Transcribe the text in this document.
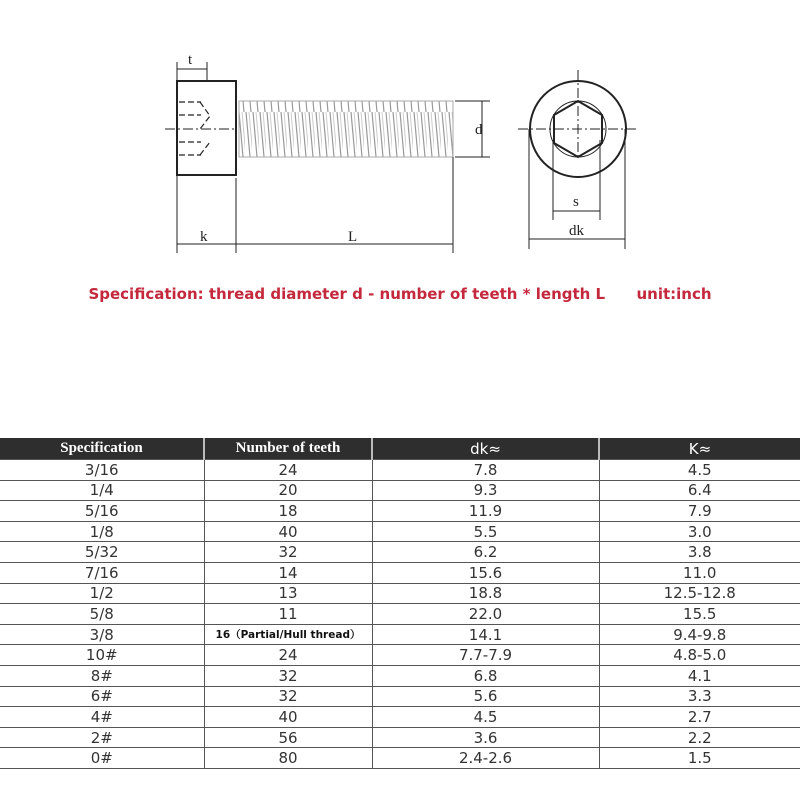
t
d
k	L
s
dk
Specification: thread diameter d - number of teeth * length L unit:inch
Specification	Number of teeth	dk≈	K≈
3/16	24	7.8	4.5
1/4	20	9.3	6.4
5/16	18	11.9	7.9
1/8	40	5.5	3.0
5/32	32	6.2	3.8
7/16	14	15.6	11.0
1/2	13	18.8	12.5-12.8
5/8	11	22.0	15.5
3/8	16（Partial/Hull thread）	14.1	9.4-9.8
10#	24	7.7-7.9	4.8-5.0
8#	32	6.8	4.1
6#	32	5.6	3.3
4#	40	4.5	2.7
2#	56	3.6	2.2
0#	80	2.4-2.6	1.5
